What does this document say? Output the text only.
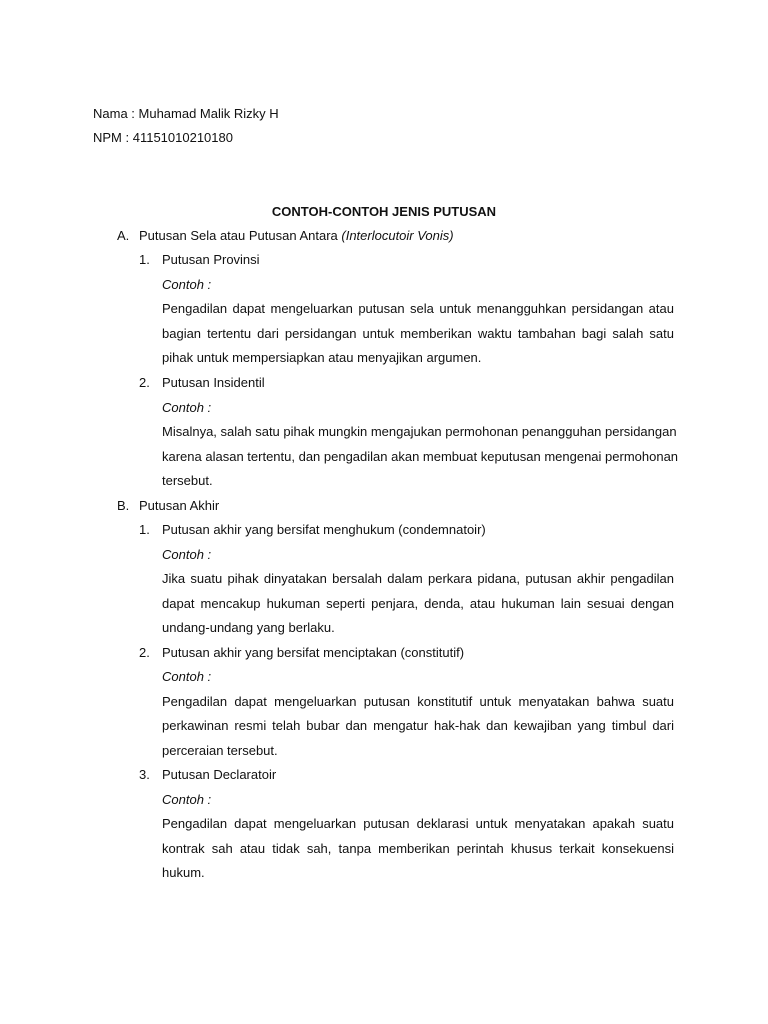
Nama : Muhamad Malik Rizky H
NPM : 41151010210180
CONTOH-CONTOH JENIS PUTUSAN
A. Putusan Sela atau Putusan Antara (Interlocutoir Vonis)
1. Putusan Provinsi
Contoh :
Pengadilan dapat mengeluarkan putusan sela untuk menangguhkan persidangan atau
bagian tertentu dari persidangan untuk memberikan waktu tambahan bagi salah satu
pihak untuk mempersiapkan atau menyajikan argumen.
2. Putusan Insidentil
Contoh :
Misalnya, salah satu pihak mungkin mengajukan permohonan penangguhan persidangan
karena alasan tertentu, dan pengadilan akan membuat keputusan mengenai permohonan
tersebut.
B. Putusan Akhir
1. Putusan akhir yang bersifat menghukum (condemnatoir)
Contoh :
Jika suatu pihak dinyatakan bersalah dalam perkara pidana, putusan akhir pengadilan
dapat mencakup hukuman seperti penjara, denda, atau hukuman lain sesuai dengan
undang-undang yang berlaku.
2. Putusan akhir yang bersifat menciptakan (constitutif)
Contoh :
Pengadilan dapat mengeluarkan putusan konstitutif untuk menyatakan bahwa suatu
perkawinan resmi telah bubar dan mengatur hak-hak dan kewajiban yang timbul dari
perceraian tersebut.
3. Putusan Declaratoir
Contoh :
Pengadilan dapat mengeluarkan putusan deklarasi untuk menyatakan apakah suatu
kontrak sah atau tidak sah, tanpa memberikan perintah khusus terkait konsekuensi
hukum.
